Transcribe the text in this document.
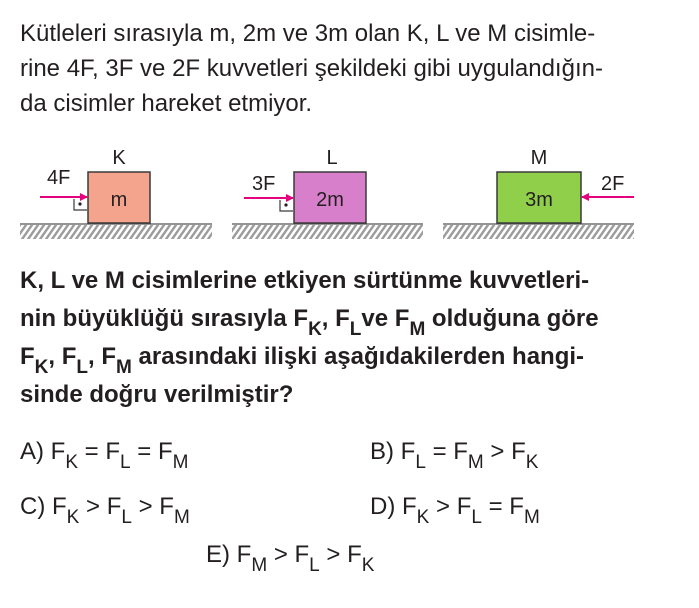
Kütleleri sırasıyla m, 2m ve 3m olan K, L ve M cisimle-
rine 4F, 3F ve 2F kuvvetleri şekildeki gibi uygulandığın-
da cisimler hareket etmiyor.
K
m
4F
L
2m
3F
M
3m
2F
K, L ve M cisimlerine etkiyen sürtünme kuvvetleri-
nin büyüklüğü sırasıyla $F_K$, $F_Lve$ $F_M$ olduğuna göre
$F_K$, $F_L$, $F_M$ arasındaki ilişki aşağıdakilerden hangi-
sinde doğru verilmiştir?
A) $F_K = F_L = F_M$	B) $F_L = F_M > F_K$
C) $F_K > F_L > F_M$	D) $F_K > F_L = F_M$
E) $F_M > F_L > F_K$
